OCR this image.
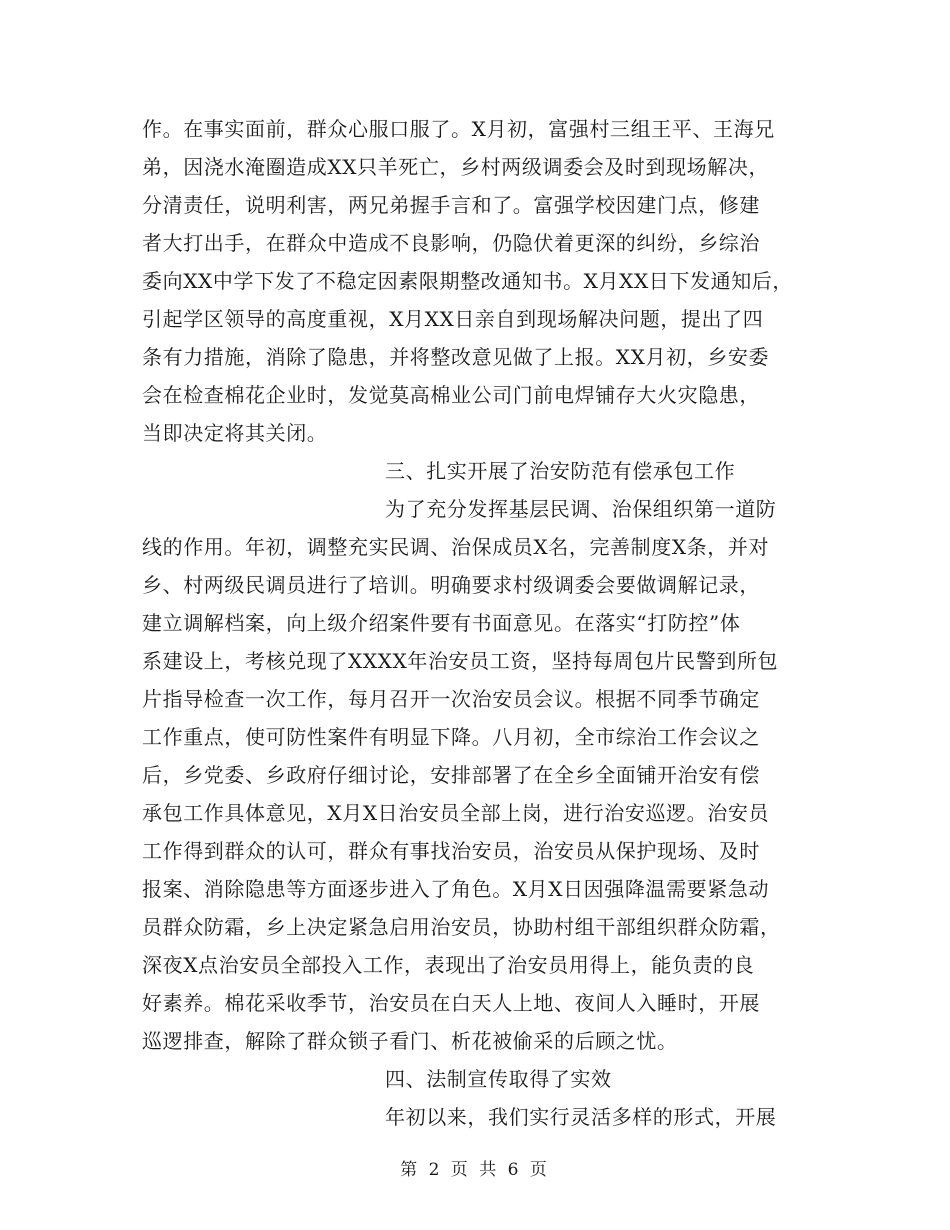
作。在事实面前，群众心服口服了。X月初，富强村三组王平、王海兄
弟，因浇水淹圈造成XX只羊死亡，乡村两级调委会及时到现场解决，
分清责任，说明利害，两兄弟握手言和了。富强学校因建门点，修建
者大打出手，在群众中造成不良影响，仍隐伏着更深的纠纷，乡综治
委向XX中学下发了不稳定因素限期整改通知书。X月XX日下发通知后，
引起学区领导的高度重视，X月XX日亲自到现场解决问题，提出了四
条有力措施，消除了隐患，并将整改意见做了上报。XX月初，乡安委
会在检查棉花企业时，发觉莫高棉业公司门前电焊铺存大火灾隐患，
当即决定将其关闭。
三、扎实开展了治安防范有偿承包工作
为了充分发挥基层民调、治保组织第一道防
线的作用。年初，调整充实民调、治保成员X名，完善制度X条，并对
乡、村两级民调员进行了培训。明确要求村级调委会要做调解记录，
建立调解档案，向上级介绍案件要有书面意见。在落实“打防控”体
系建设上，考核兑现了XXXX年治安员工资，坚持每周包片民警到所包
片指导检查一次工作，每月召开一次治安员会议。根据不同季节确定
工作重点，使可防性案件有明显下降。八月初，全市综治工作会议之
后，乡党委、乡政府仔细讨论，安排部署了在全乡全面铺开治安有偿
承包工作具体意见，X月X日治安员全部上岗，进行治安巡逻。治安员
工作得到群众的认可，群众有事找治安员，治安员从保护现场、及时
报案、消除隐患等方面逐步进入了角色。X月X日因强降温需要紧急动
员群众防霜，乡上决定紧急启用治安员，协助村组干部组织群众防霜，
深夜X点治安员全部投入工作，表现出了治安员用得上，能负责的良
好素养。棉花采收季节，治安员在白天人上地、夜间人入睡时，开展
巡逻排查，解除了群众锁子看门、析花被偷采的后顾之忧。
四、法制宣传取得了实效
年初以来，我们实行灵活多样的形式，开展
第 2 页 共 6 页
